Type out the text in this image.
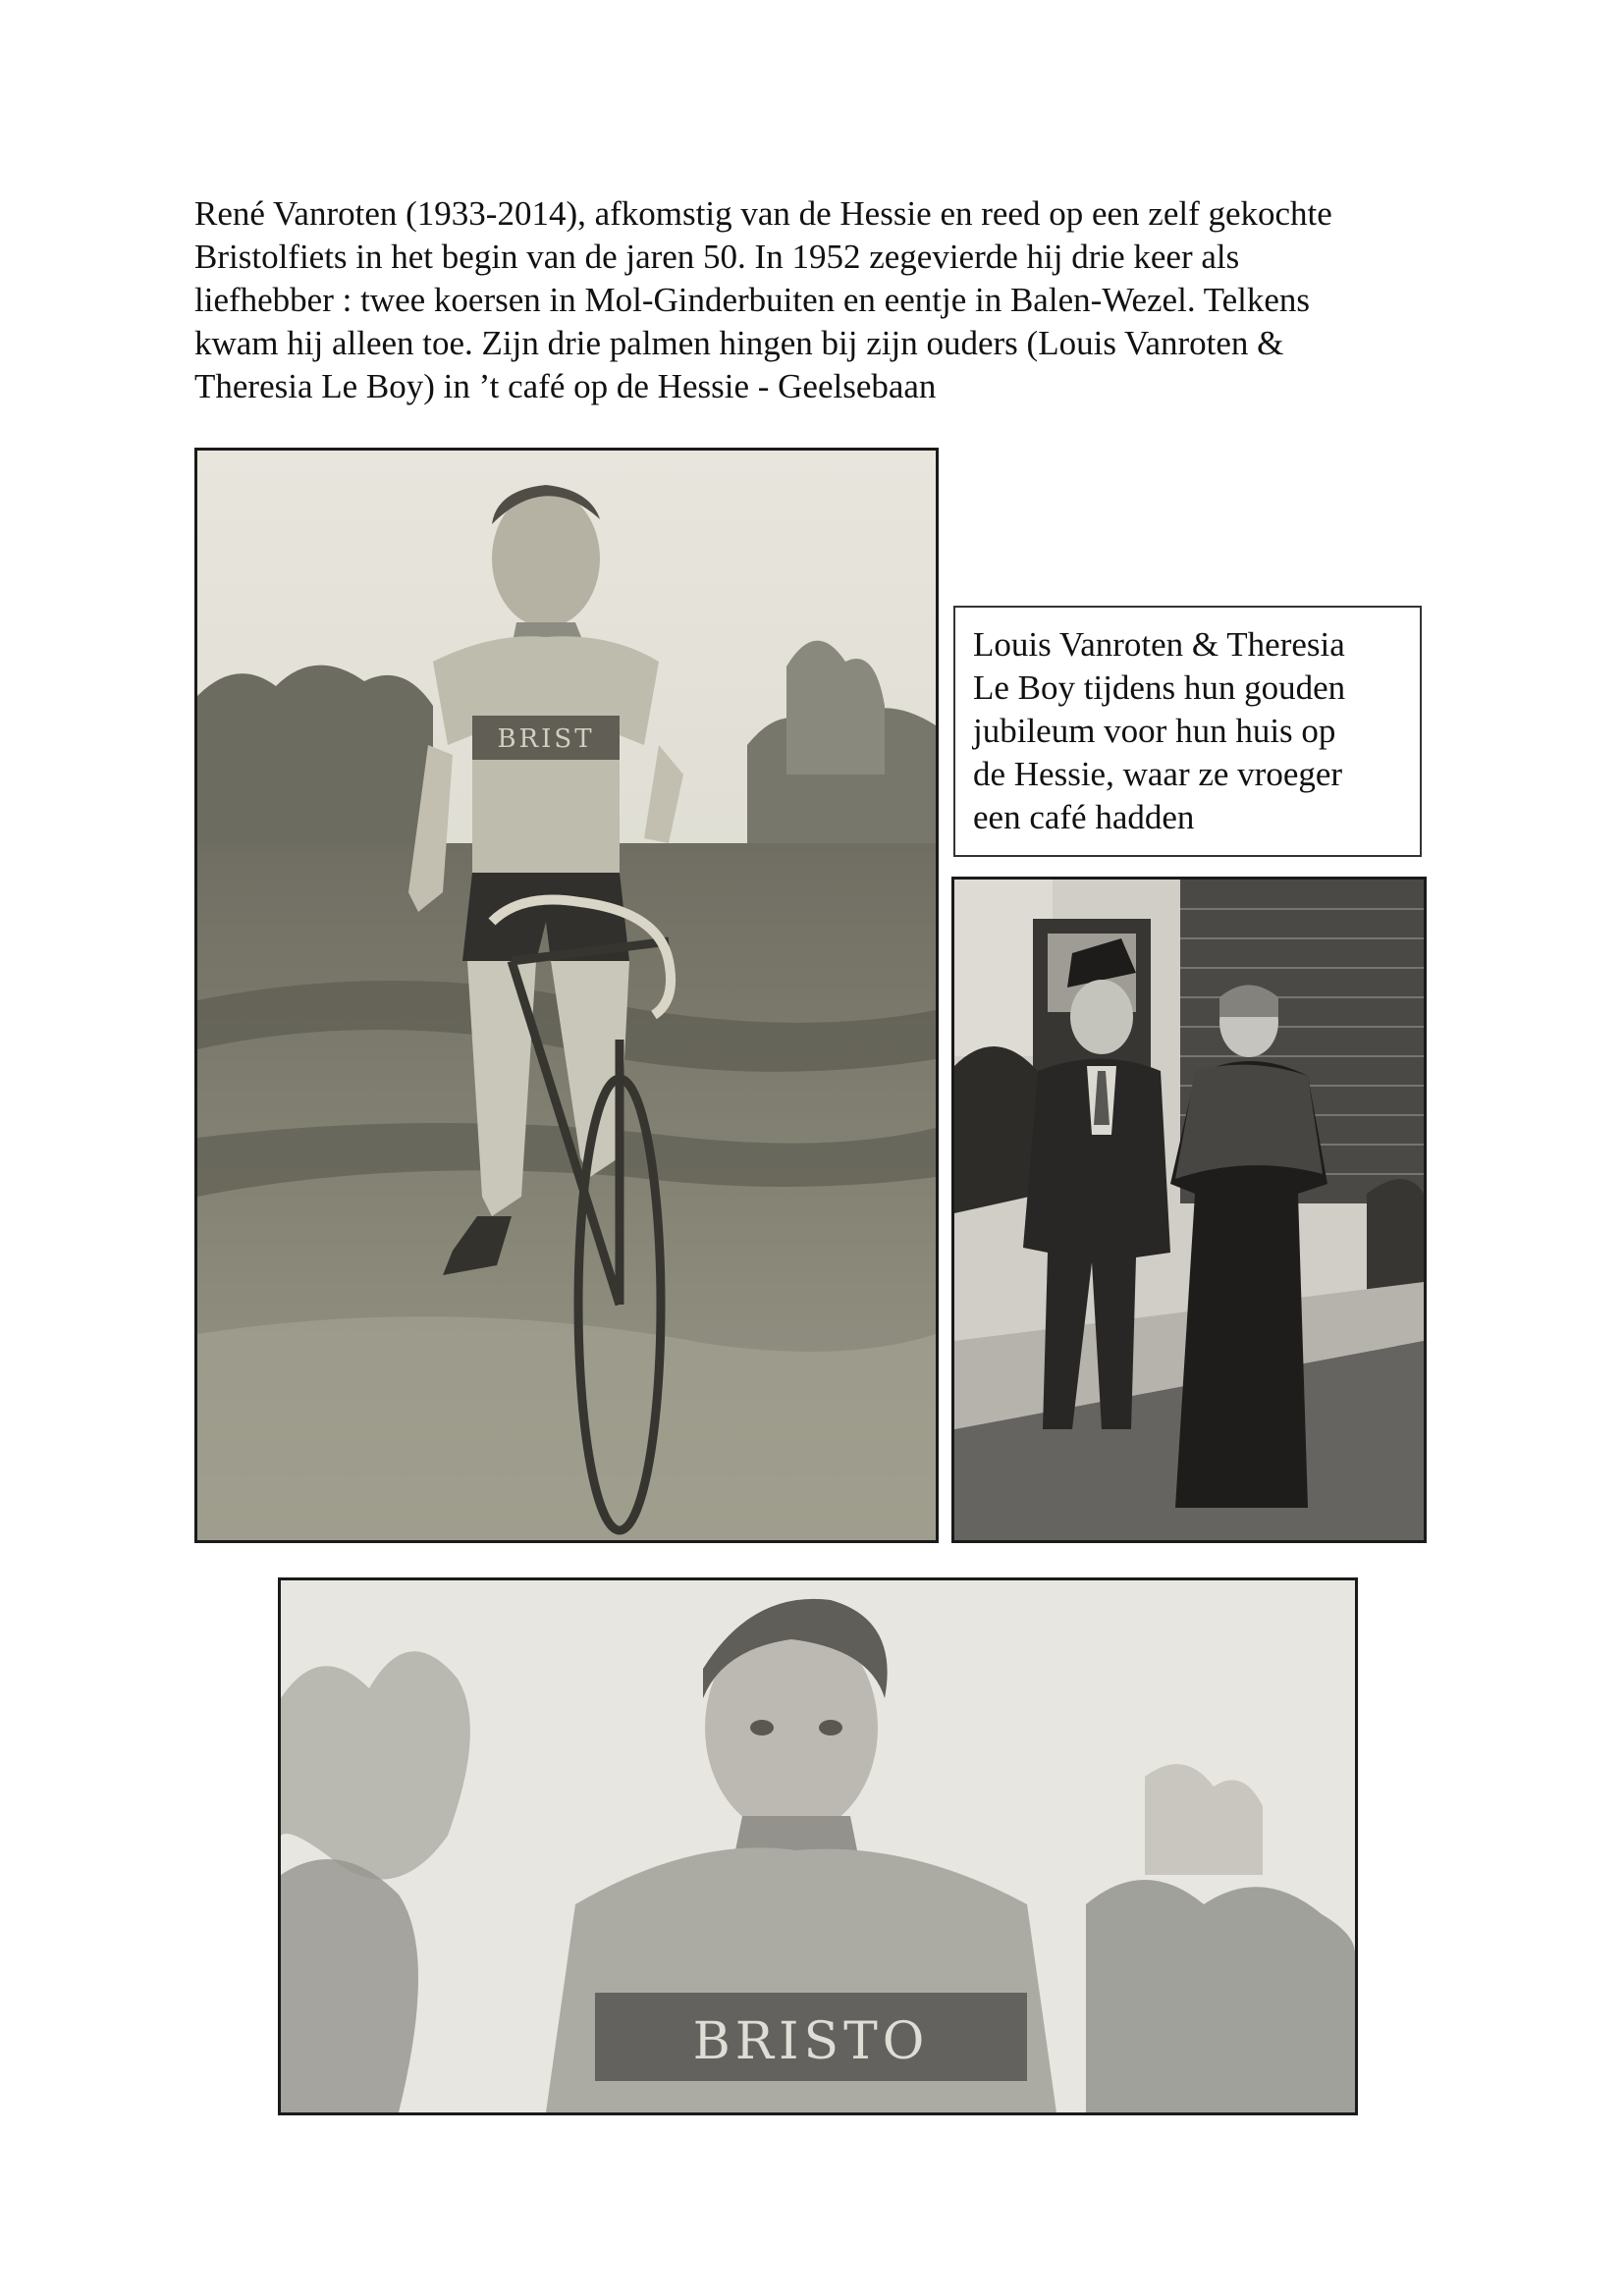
René Vanroten (1933-2014), afkomstig van de Hessie en reed op een zelf gekochte
Bristolfiets in het begin van de jaren 50. In 1952 zegevierde hij drie keer als
liefhebber : twee koersen in Mol-Ginderbuiten en eentje in Balen-Wezel. Telkens
kwam hij alleen toe. Zijn drie palmen hingen bij zijn ouders (Louis Vanroten &
Theresia Le Boy) in ’t café op de Hessie - Geelsebaan
BRIST
Louis Vanroten & Theresia
Le Boy tijdens hun gouden
jubileum voor hun huis op
de Hessie, waar ze vroeger
een café hadden
BRISTO
